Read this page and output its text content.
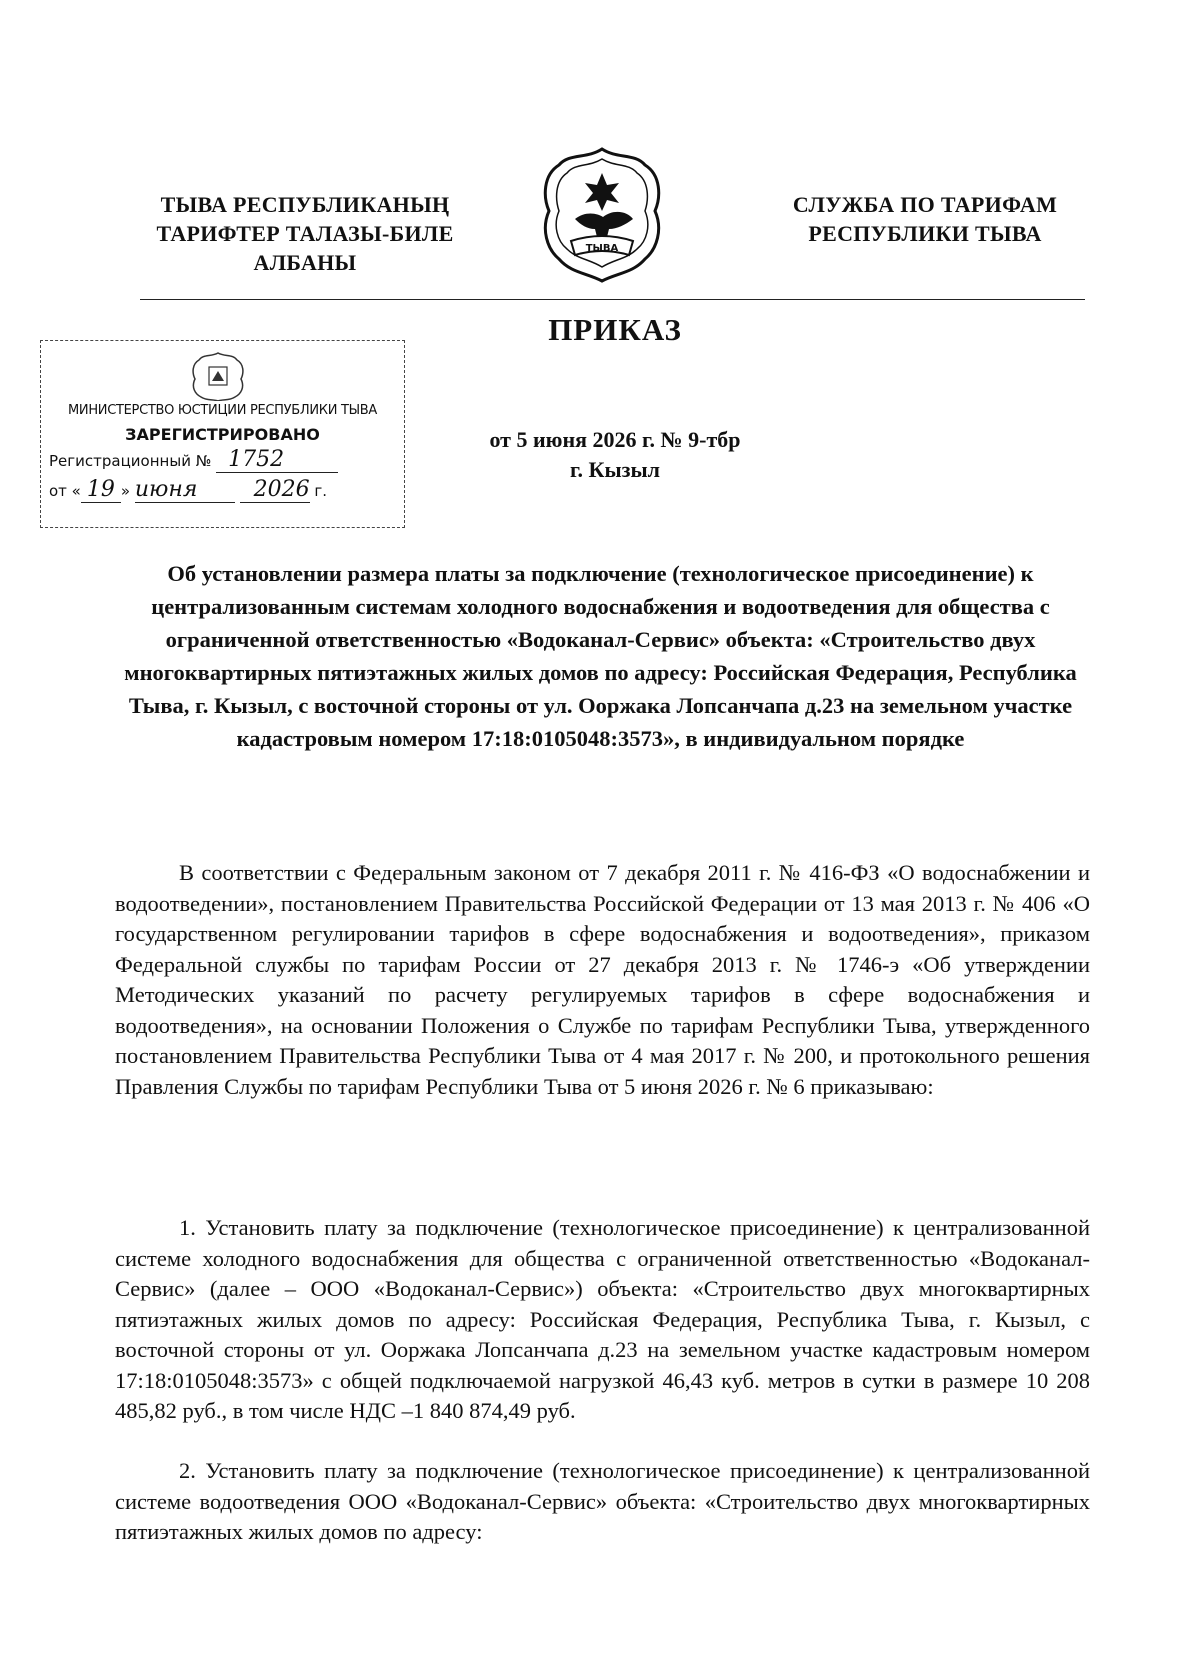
ТЫВА РЕСПУБЛИКАНЫҢ
ТАРИФТЕР ТАЛАЗЫ-БИЛЕ
АЛБАНЫ
ТЫВА
СЛУЖБА ПО ТАРИФАМ
РЕСПУБЛИКИ ТЫВА
ПРИКАЗ
МИНИСТЕРСТВО ЮСТИЦИИ РЕСПУБЛИКИ ТЫВА
ЗАРЕГИСТРИРОВАНО
Регистрационный № 1752
от « 19 » июня	2026 г.
от 5 июня 2026 г. № 9-тбр
г. Кызыл
Об установлении размера платы за подключение (технологическое присоединение) к централизованным системам холодного водоснабжения и водоотведения для общества с ограниченной ответственностью «Водоканал-Сервис» объекта: «Строительство двух многоквартирных пятиэтажных жилых домов по адресу: Российская Федерация, Республика Тыва, г. Кызыл, с восточной стороны от ул. Ооржака Лопсанчапа д.23 на земельном участке кадастровым номером 17:18:0105048:3573», в индивидуальном порядке
В соответствии с Федеральным законом от 7 декабря 2011 г. № 416-ФЗ «О водоснабжении и водоотведении», постановлением Правительства Российской Федерации от 13 мая 2013 г. № 406 «О государственном регулировании тарифов в сфере водоснабжения и водоотведения», приказом Федеральной службы по тарифам России от 27 декабря 2013 г. № 1746-э «Об утверждении Методических указаний по расчету регулируемых тарифов в сфере водоснабжения и водоотведения», на основании Положения о Службе по тарифам Республики Тыва, утвержденного постановлением Правительства Республики Тыва от 4 мая 2017 г. № 200, и протокольного решения Правления Службы по тарифам Республики Тыва от 5 июня 2026 г. № 6 приказываю:
1. Установить плату за подключение (технологическое присоединение) к централизованной системе холодного водоснабжения для общества с ограниченной ответственностью «Водоканал-Сервис» (далее – ООО «Водоканал-Сервис») объекта: «Строительство двух многоквартирных пятиэтажных жилых домов по адресу: Российская Федерация, Республика Тыва, г. Кызыл, с восточной стороны от ул. Ооржака Лопсанчапа д.23 на земельном участке кадастровым номером 17:18:0105048:3573» с общей подключаемой нагрузкой 46,43 куб. метров в сутки в размере 10 208 485,82 руб., в том числе НДС –1 840 874,49 руб.
2. Установить плату за подключение (технологическое присоединение) к централизованной системе водоотведения ООО «Водоканал-Сервис» объекта: «Строительство двух многоквартирных пятиэтажных жилых домов по адресу:
